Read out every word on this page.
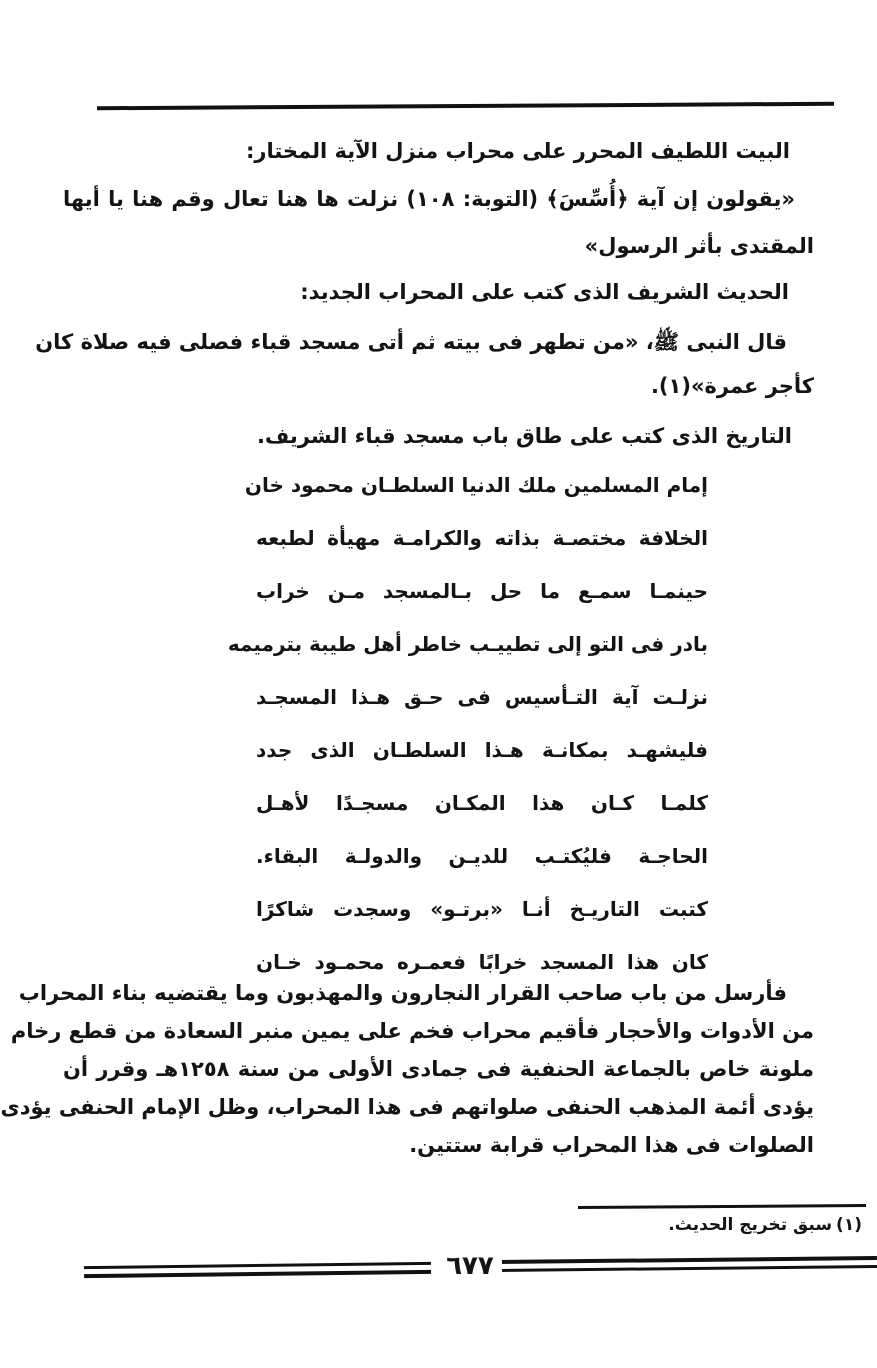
البيت اللطيف المحرر على محراب منزل الآية المختار:
«يقولون إن آية ﴿أُسِّسَ﴾ (التوبة: ١٠٨) نزلت ها هنا تعال وقم هنا يا أيها
المقتدى بأثر الرسول»
الحديث الشريف الذى كتب على المحراب الجديد:
قال النبى ﷺ، «من تطهر فى بيته ثم أتى مسجد قباء فصلى فيه صلاة كان
كأجر عمرة»(١).
التاريخ الذى كتب على طاق باب مسجد قباء الشريف.
إمام المسلمين ملك الدنيا السلطـان محمود خان
الخلافة مختصـة بذاته والكرامـة مهيأة لطبعه
حينمـا سمـع ما حل بـالمسجد مـن خراب
بادر فى التو إلى تطييـب خاطر أهل طيبة بترميمه
نزلـت آية التـأسيس فى حـق هـذا المسجـد
فليشهـد بمكانـة هـذا السلطـان الذى جدد
كلمـا كـان هذا المكـان مسجـدًا لأهـل
الحاجـة فليُكتـب للديـن والدولـة البقاء.
كتبت التاريـخ أنـا «برتـو» وسجدت شاكرًا
كان هذا المسجد خرابًا فعمـره محمـود خـان
فأرسل من باب صاحب القرار النجارون والمهذبون وما يقتضيه بناء المحراب
من الأدوات والأحجار فأقيم محراب فخم على يمين منبر السعادة من قطع رخام
ملونة خاص بالجماعة الحنفية فى جمادى الأولى من سنة ١٢٥٨هـ وقرر أن
يؤدى أئمة المذهب الحنفى صلواتهم فى هذا المحراب، وظل الإمام الحنفى يؤدى
الصلوات فى هذا المحراب قرابة ستتين.
(١)سبق تخريج الحديث.
٦٧٧
